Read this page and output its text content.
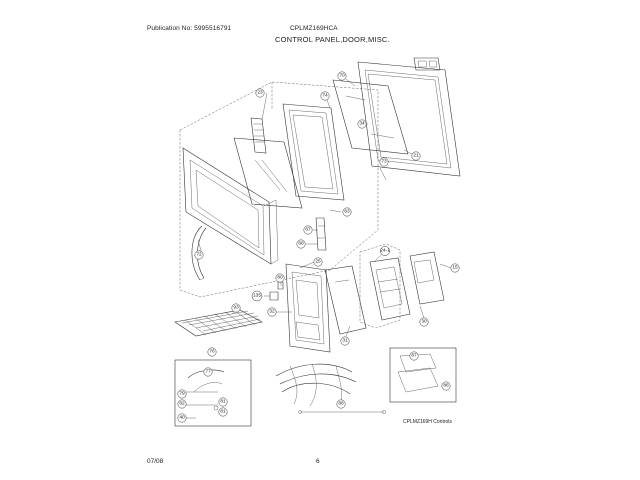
Publication No: 5995516791	CPLMZ169HCA
CONTROL PANEL,DOOR,MISC.
07/08	6
23
70
74
34
21
73
63
67
68
72
25
80
135
32
93
31
24-1
15
30
76
77
79
81
81
82
40
88
87
86
CPLMZ169H Controls
